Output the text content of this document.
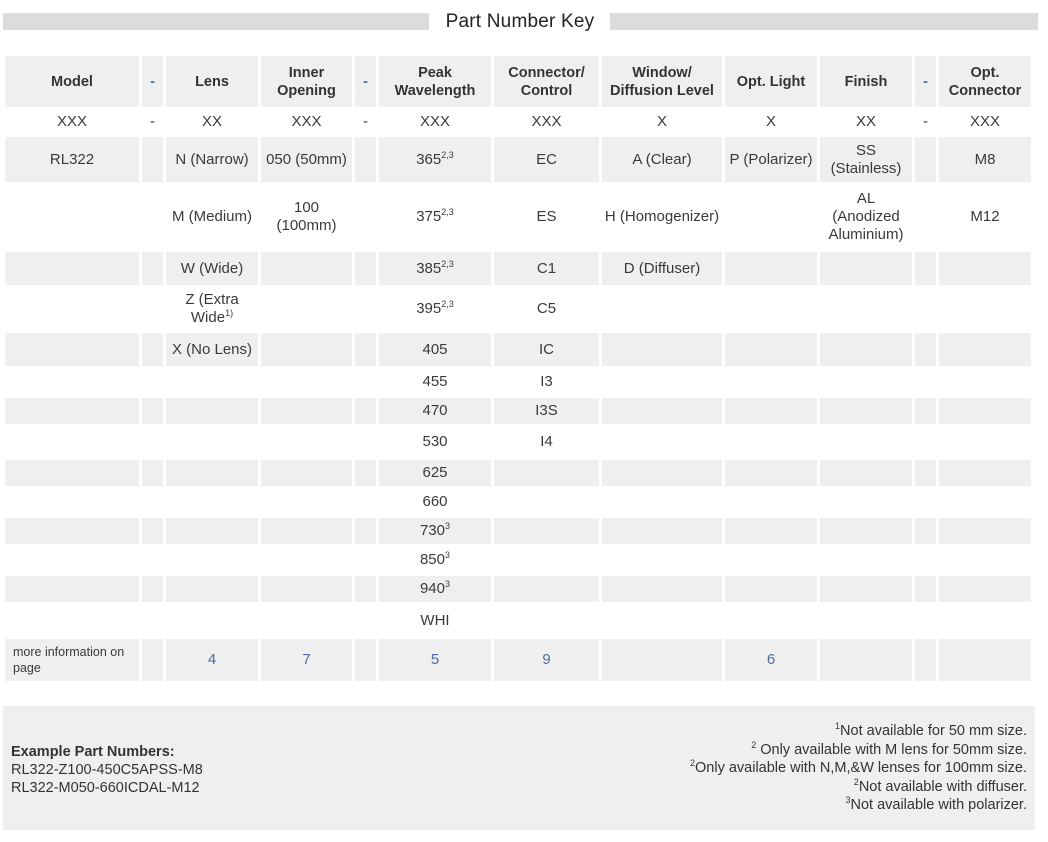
Part Number Key
Model	-	Lens	Inner Opening	-	Peak Wavelength	Connector/ Control	Window/ Diffusion Level	Opt. Light	Finish	-	Opt. Connector
XXX	-	XX	XXX	-	XXX	XXX	X	X	XX	-	XXX
RL322		N (Narrow)	050 (50mm)		365$^{2,3}$	EC	A (Clear)	P (Polarizer)	SS (Stainless)		M8
		M (Medium)	100 (100mm)		375$^{2,3}$	ES	H (Homogenizer)		AL (Anodized Aluminium)		M12
		W (Wide)			385$^{2,3}$	C1	D (Diffuser)				
		Z (Extra Wide$^{1)}$			395$^{2,3}$	C5					
		X (No Lens)			405	IC					
					455	I3					
					470	I3S					
					530	I4					
					625						
					660						
					$730^3$						
					$850^3$						
					$940^3$						
					WHI						
more information on page		4	7		5	9		6			
Example Part Numbers:
RL322-Z100-450C5APSS-M8
RL322-M050-660ICDAL-M12
$^1$Not available for 50 mm size.
$^2$ Only available with M lens for 50mm size.
$^2$Only available with N,M,&W lenses for 100mm size.
$^2$Not available with diffuser.
$^3$Not available with polarizer.
